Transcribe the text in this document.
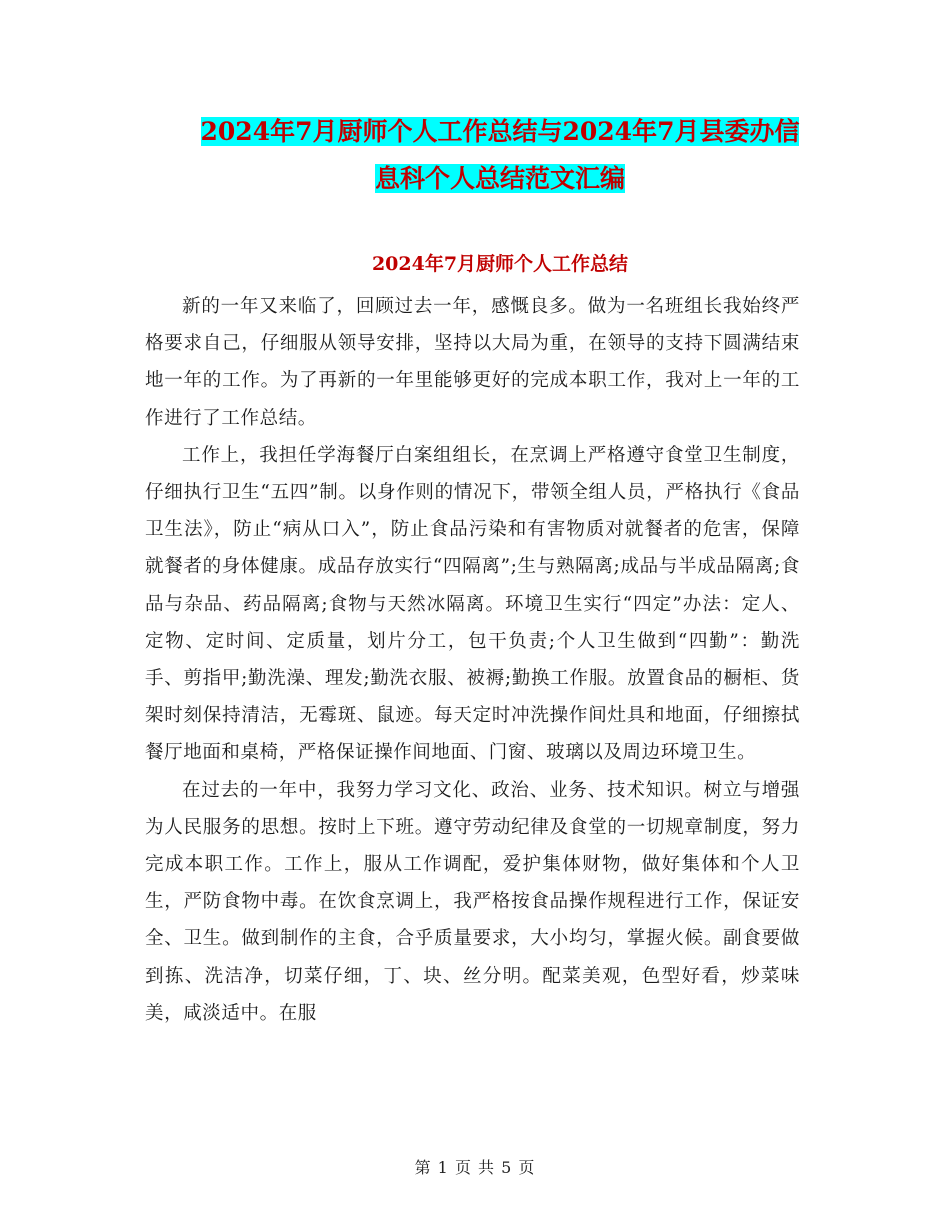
2024年7月厨师个人工作总结与2024年7月县委办信
息科个人总结范文汇编
2024年7月厨师个人工作总结

新的一年又来临了，回顾过去一年，感慨良多。做为一名班组长我始终严格要求自己，仔细服从领导安排，坚持以大局为重，在领导的支持下圆满结束地一年的工作。为了再新的一年里能够更好的完成本职工作，我对上一年的工作进行了工作总结。

工作上，我担任学海餐厅白案组组长，在烹调上严格遵守食堂卫生制度，仔细执行卫生“五四”制。以身作则的情况下，带领全组人员，严格执行《食品卫生法》，防止“病从口入”，防止食品污染和有害物质对就餐者的危害，保障就餐者的身体健康。成品存放实行“四隔离”;生与熟隔离;成品与半成品隔离;食品与杂品、药品隔离;食物与天然冰隔离。环境卫生实行“四定”办法：定人、定物、定时间、定质量，划片分工，包干负责;个人卫生做到“四勤”：勤洗手、剪指甲;勤洗澡、理发;勤洗衣服、被褥;勤换工作服。放置食品的橱柜、货架时刻保持清洁，无霉斑、鼠迹。每天定时冲洗操作间灶具和地面，仔细擦拭餐厅地面和桌椅，严格保证操作间地面、门窗、玻璃以及周边环境卫生。

在过去的一年中，我努力学习文化、政治、业务、技术知识。树立与增强为人民服务的思想。按时上下班。遵守劳动纪律及食堂的一切规章制度，努力完成本职工作。工作上，服从工作调配，爱护集体财物，做好集体和个人卫生，严防食物中毒。在饮食烹调上，我严格按食品操作规程进行工作，保证安全、卫生。做到制作的主食，合乎质量要求，大小均匀，掌握火候。副食要做到拣、洗洁净，切菜仔细，丁、块、丝分明。配菜美观，色型好看，炒菜味美，咸淡适中。在服

第 1 页 共 5 页
